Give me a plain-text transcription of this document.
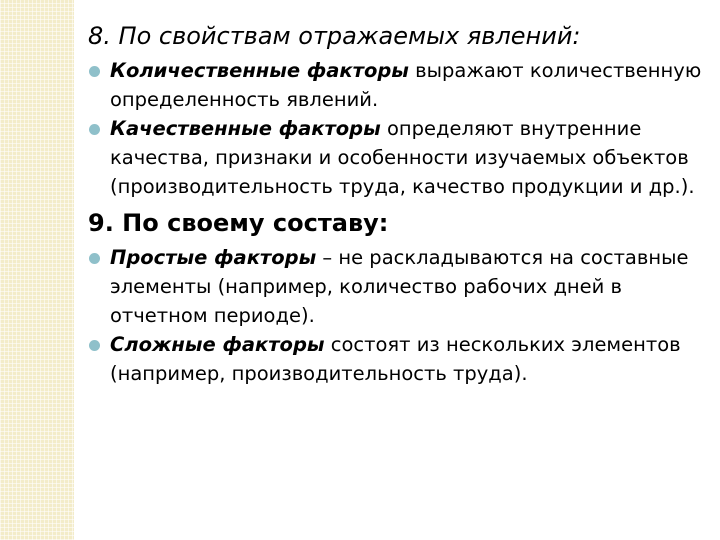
8. По свойствам отражаемых явлений:
Количественные факторы выражают количественную определенность явлений.
Качественные факторы определяют внутренние качества, признаки и особенности изучаемых объектов (производительность труда, качество продукции и др.).
9. По своему составу:
Простые факторы – не раскладываются на составные элементы (например, количество рабочих дней в отчетном периоде).
Сложные факторы состоят из нескольких элементов (например, производительность труда).
